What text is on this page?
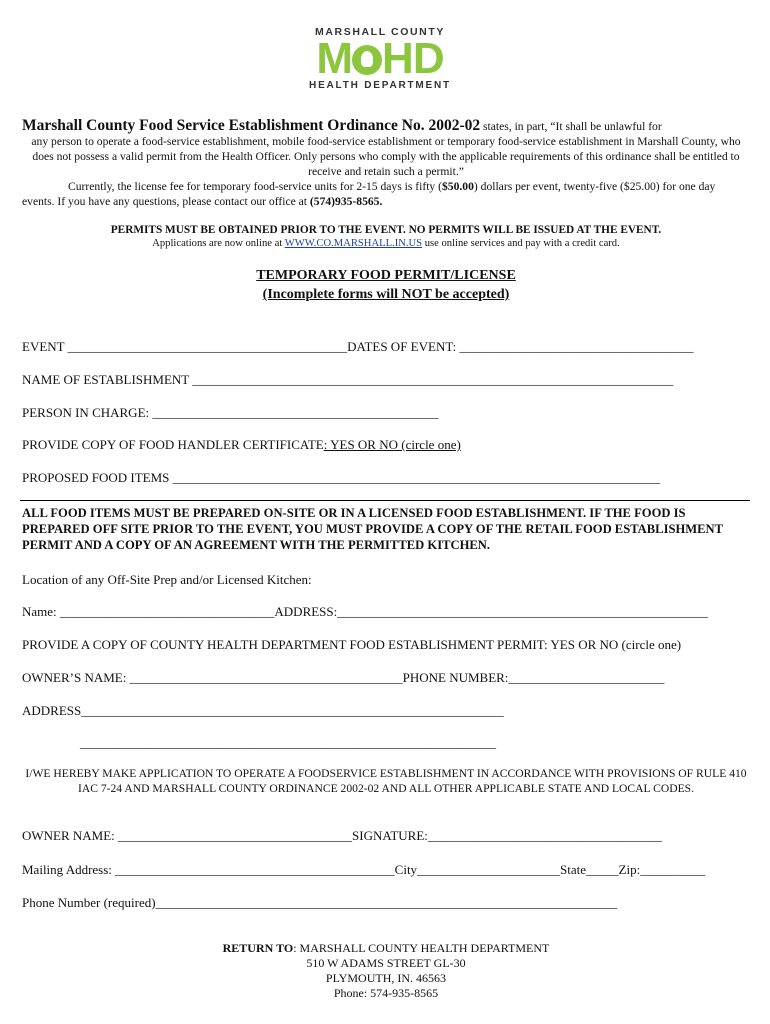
MARSHALL COUNTY
M HD
HEALTH DEPARTMENT
Marshall County Food Service Establishment Ordinance No. 2002-02 states, in part, “It shall be unlawful for
any person to operate a food-service establishment, mobile food-service establishment or temporary food-service establishment in Marshall County, who does not possess a valid permit from the Health Officer. Only persons who comply with the applicable requirements of this ordinance shall be entitled to receive and retain such a permit.”
Currently, the license fee for temporary food-service units for 2-15 days is fifty ($50.00) dollars per event, twenty-five ($25.00) for one day events. If you have any questions, please contact our office at (574)935-8565.
PERMITS MUST BE OBTAINED PRIOR TO THE EVENT. NO PERMITS WILL BE ISSUED AT THE EVENT.
Applications are now online at WWW.CO.MARSHALL.IN.US use online services and pay with a credit card.
TEMPORARY FOOD PERMIT/LICENSE
(Incomplete forms will NOT be accepted)
EVENT ___________________________________________DATES OF EVENT: ____________________________________
NAME OF ESTABLISHMENT __________________________________________________________________________
PERSON IN CHARGE: ____________________________________________
PROVIDE COPY OF FOOD HANDLER CERTIFICATE: YES OR NO (circle one)
PROPOSED FOOD ITEMS ___________________________________________________________________________
ALL FOOD ITEMS MUST BE PREPARED ON-SITE OR IN A LICENSED FOOD ESTABLISHMENT. IF THE FOOD IS PREPARED OFF SITE PRIOR TO THE EVENT, YOU MUST PROVIDE A COPY OF THE RETAIL FOOD ESTABLISHMENT PERMIT AND A COPY OF AN AGREEMENT WITH THE PERMITTED KITCHEN.
Location of any Off-Site Prep and/or Licensed Kitchen:
Name: _________________________________ADDRESS:_________________________________________________________
PROVIDE A COPY OF COUNTY HEALTH DEPARTMENT FOOD ESTABLISHMENT PERMIT: YES OR NO (circle one)
OWNER’S NAME: __________________________________________PHONE NUMBER:________________________
ADDRESS_________________________________________________________________
________________________________________________________________
I/WE HEREBY MAKE APPLICATION TO OPERATE A FOODSERVICE ESTABLISHMENT IN ACCORDANCE WITH PROVISIONS OF RULE 410 IAC 7-24 AND MARSHALL COUNTY ORDINANCE 2002-02 AND ALL OTHER APPLICABLE STATE AND LOCAL CODES.
OWNER NAME: ____________________________________SIGNATURE:____________________________________
Mailing Address: ___________________________________________City______________________State_____Zip:__________
Phone Number (required)_______________________________________________________________________
RETURN TO: MARSHALL COUNTY HEALTH DEPARTMENT
510 W ADAMS STREET GL-30
PLYMOUTH, IN. 46563
Phone: 574-935-8565
